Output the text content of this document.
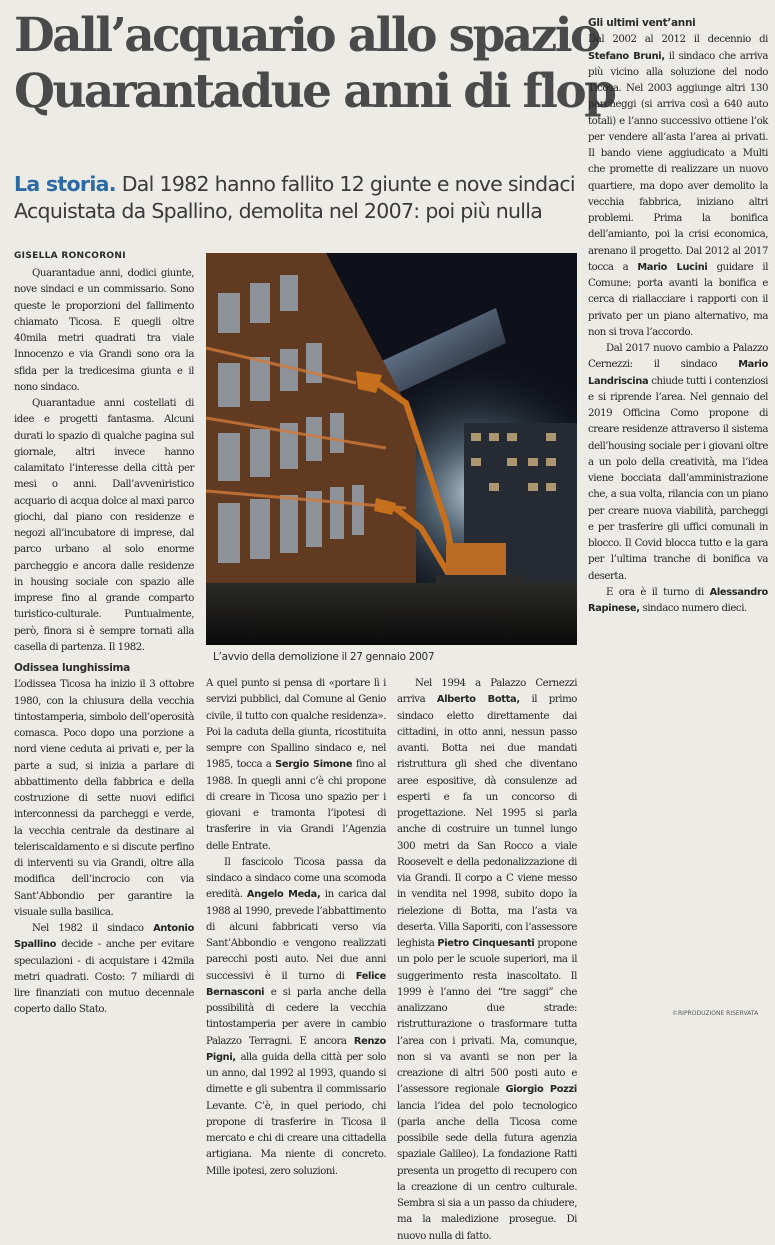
Dall’acquario allo spazio
Quarantadue anni di flop

La storia. Dal 1982 hanno fallito 12 giunte e nove sindaci
Acquistata da Spallino, demolita nel 2007: poi più nulla

GISELLA RONCORONI

Quarantadue anni, dodici giunte, nove sindaci e un commissario. Sono queste le proporzioni del fallimento chiamato Ticosa. E quegli oltre 40mila metri quadrati tra viale Innocenzo e via Grandi sono ora la sfida per la tredicesima giunta e il nono sindaco.

Quarantadue anni costellati di idee e progetti fantasma. Alcuni durati lo spazio di qualche pagina sul giornale, altri invece hanno calamitato l’interesse della città per mesi o anni. Dall’avveniristico acquario di acqua dolce al maxi parco giochi, dal piano con residenze e negozi all’incubatore di imprese, dal parco urbano al solo enorme parcheggio e ancora dalle residenze in housing sociale con spazio alle imprese fino al grande comparto turistico-culturale. Puntualmente, però, finora si è sempre tornati alla casella di partenza. Il 1982.

Odissea lunghissima

L’odissea Ticosa ha inizio il 3 ottobre 1980, con la chiusura della vecchia tintostamperia, simbolo dell’operosità comasca. Poco dopo una porzione a nord viene ceduta ai privati e, per la parte a sud, si inizia a parlare di abbattimento della fabbrica e della costruzione di sette nuovi edifici interconnessi da parcheggi e verde, la vecchia centrale da destinare al teleriscaldamento e si discute perfino di interventi su via Grandi, oltre alla modifica dell’incrocio con via Sant’Abbondio per garantire la visuale sulla basilica.

Nel 1982 il sindaco Antonio Spallino decide - anche per evitare speculazioni - di acquistare i 42mila metri quadrati. Costo: 7 miliardi di lire finanziati con mutuo decennale coperto dallo Stato.

A quel punto si pensa di «portare lì i servizi pubblici, dal Comune al Genio civile, il tutto con qualche residenza». Poi la caduta della giunta, ricostituita sempre con Spallino sindaco e, nel 1985, tocca a Sergio Simone fino al 1988. In quegli anni c’è chi propone di creare in Ticosa uno spazio per i giovani e tramonta l’ipotesi di trasferire in via Grandi l’Agenzia delle Entrate.

Il fascicolo Ticosa passa da sindaco a sindaco come una scomoda eredità. Angelo Meda, in carica dal 1988 al 1990, prevede l’abbattimento di alcuni fabbricati verso via Sant’Abbondio e vengono realizzati parecchi posti auto. Nei due anni successivi è il turno di Felice Bernasconi e si parla anche della possibilità di cedere la vecchia tintostamperia per avere in cambio Palazzo Terragni. E ancora Renzo Pigni, alla guida della città per solo un anno, dal 1992 al 1993, quando si dimette e gli subentra il commissario Levante. C’è, in quel periodo, chi propone di trasferire in Ticosa il mercato e chi di creare una cittadella artigiana. Ma niente di concreto. Mille ipotesi, zero soluzioni.

Nel 1994 a Palazzo Cernezzi arriva Alberto Botta, il primo sindaco eletto direttamente dai cittadini, in otto anni, nessun passo avanti. Botta nei due mandati ristruttura gli shed che diventano aree espositive, dà consulenze ad esperti e fa un concorso di progettazione. Nel 1995 si parla anche di costruire un tunnel lungo 300 metri da San Rocco a viale Roosevelt e della pedonalizzazione di via Grandi. Il corpo a C viene messo in vendita nel 1998, subito dopo la rielezione di Botta, ma l’asta va deserta. Villa Saporiti, con l’assessore leghista Pietro Cinquesanti propone un polo per le scuole superiori, ma il suggerimento resta inascoltato. Il 1999 è l’anno dei “tre saggi” che analizzano due strade: ristrutturazione o trasformare tutta l’area con i privati. Ma, comunque, non si va avanti se non per la creazione di altri 500 posti auto e l’assessore regionale Giorgio Pozzi lancia l’idea del polo tecnologico (parla anche della Ticosa come possibile sede della futura agenzia spaziale Galileo). La fondazione Ratti presenta un progetto di recupero con la creazione di un centro culturale. Sembra si sia a un passo da chiudere, ma la maledizione prosegue. Di nuovo nulla di fatto.

Gli ultimi vent’anni

Dal 2002 al 2012 il decennio di Stefano Bruni, il sindaco che arriva più vicino alla soluzione del nodo Ticosa. Nel 2003 aggiunge altri 130 parcheggi (si arriva così a 640 auto totali) e l’anno successivo ottiene l’ok per vendere all’asta l’area ai privati. Il bando viene aggiudicato a Multi che promette di realizzare un nuovo quartiere, ma dopo aver demolito la vecchia fabbrica, iniziano altri problemi. Prima la bonifica dell’amianto, poi la crisi economica, arenano il progetto. Dal 2012 al 2017 tocca a Mario Lucini guidare il Comune: porta avanti la bonifica e cerca di riallacciare i rapporti con il privato per un piano alternativo, ma non si trova l’accordo.

Dal 2017 nuovo cambio a Palazzo Cernezzi: il sindaco Mario Landriscina chiude tutti i contenziosi e si riprende l’area. Nel gennaio del 2019 Officina Como propone di creare residenze attraverso il sistema dell’housing sociale per i giovani oltre a un polo della creatività, ma l’idea viene bocciata dall’amministrazione che, a sua volta, rilancia con un piano per creare nuova viabilità, parcheggi e per trasferire gli uffici comunali in blocco. Il Covid blocca tutto e la gara per l’ultima tranche di bonifica va deserta.

E ora è il turno di Alessandro Rapinese, sindaco numero dieci.

L’avvio della demolizione il 27 gennaio 2007
©RIPRODUZIONE RISERVATA
